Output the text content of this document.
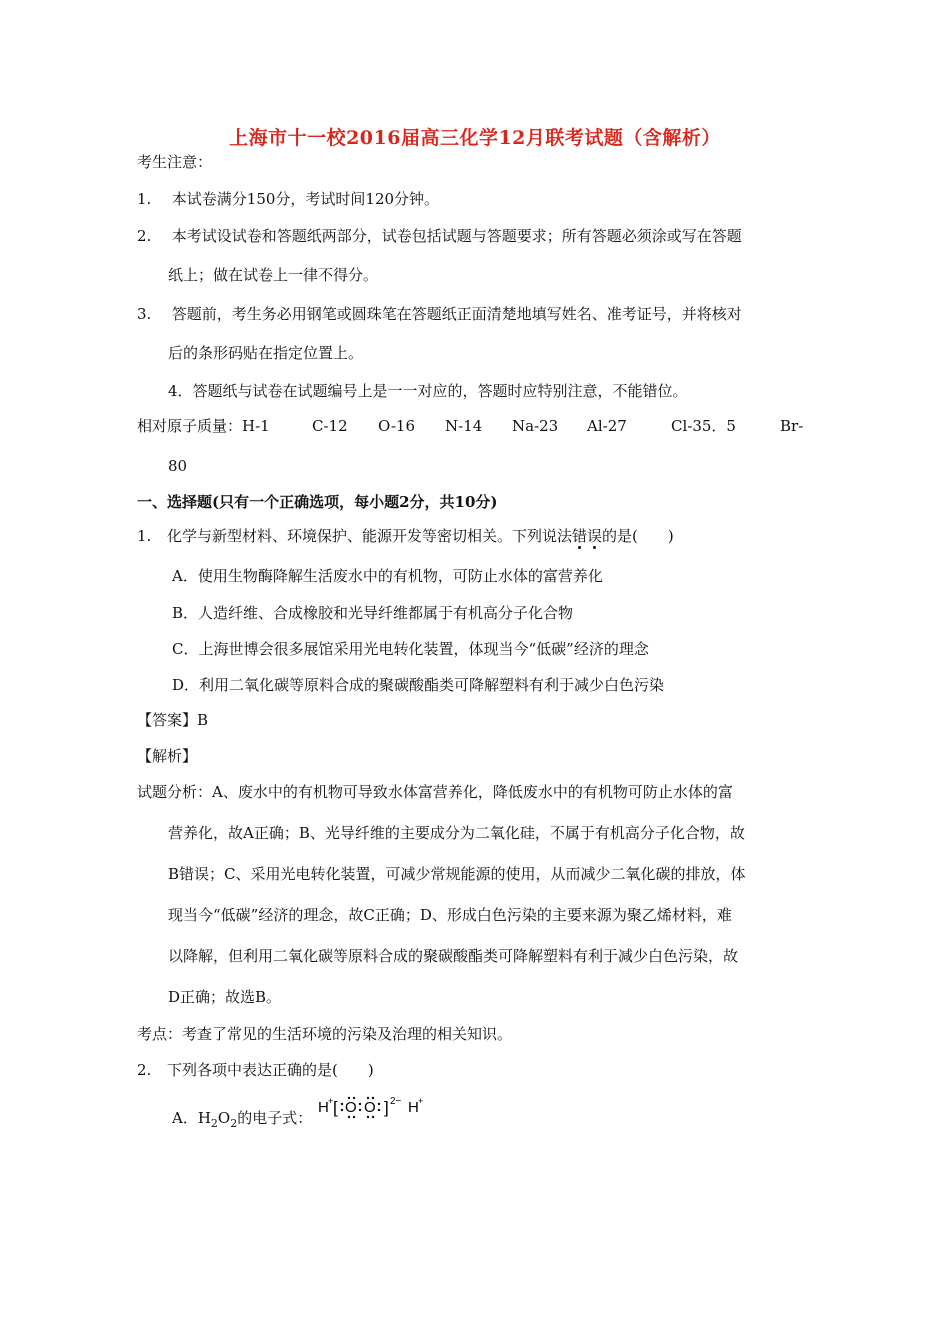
上海市十一校2016届高三化学12月联考试题（含解析）
考生注意：
1. 本试卷满分150分，考试时间120分钟。
2. 本考试设试卷和答题纸两部分，试卷包括试题与答题要求；所有答题必须涂或写在答题
纸上；做在试卷上一律不得分。
3. 答题前，考生务必用钢笔或圆珠笔在答题纸正面清楚地填写姓名、准考证号，并将核对
后的条形码贴在指定位置上。
4．答题纸与试卷在试题编号上是一一对应的，答题时应特别注意，不能错位。
相对原子质量：H-1	C-12 O-16 N-14 Na-23 Al-27	Cl-35．5	Br-
80
一、选择题(只有一个正确选项，每小题2分，共10分)
1. 化学与新型材料、环境保护、能源开发等密切相关。下列说法错误的是(　　)
A．使用生物酶降解生活废水中的有机物，可防止水体的富营养化
B．人造纤维、合成橡胶和光导纤维都属于有机高分子化合物
C．上海世博会很多展馆采用光电转化装置，体现当今“低碳”经济的理念
D．利用二氧化碳等原料合成的聚碳酸酯类可降解塑料有利于减少白色污染
【答案】B
【解析】
试题分析：A、废水中的有机物可导致水体富营养化，降低废水中的有机物可防止水体的富
营养化，故A正确；B、光导纤维的主要成分为二氧化硅，不属于有机高分子化合物，故
B错误；C、采用光电转化装置，可减少常规能源的使用，从而减少二氧化碳的排放，体
现当今“低碳”经济的理念，故C正确；D、形成白色污染的主要来源为聚乙烯材料，难
以降解，但利用二氧化碳等原料合成的聚碳酸酯类可降解塑料有利于减少白色污染，故
D正确；故选B。
考点：考查了常见的生活环境的污染及治理的相关知识。
2. 下列各项中表达正确的是(　　)
A．$H_2O_2$的电子式：
H + [ O O ] 2− H +
